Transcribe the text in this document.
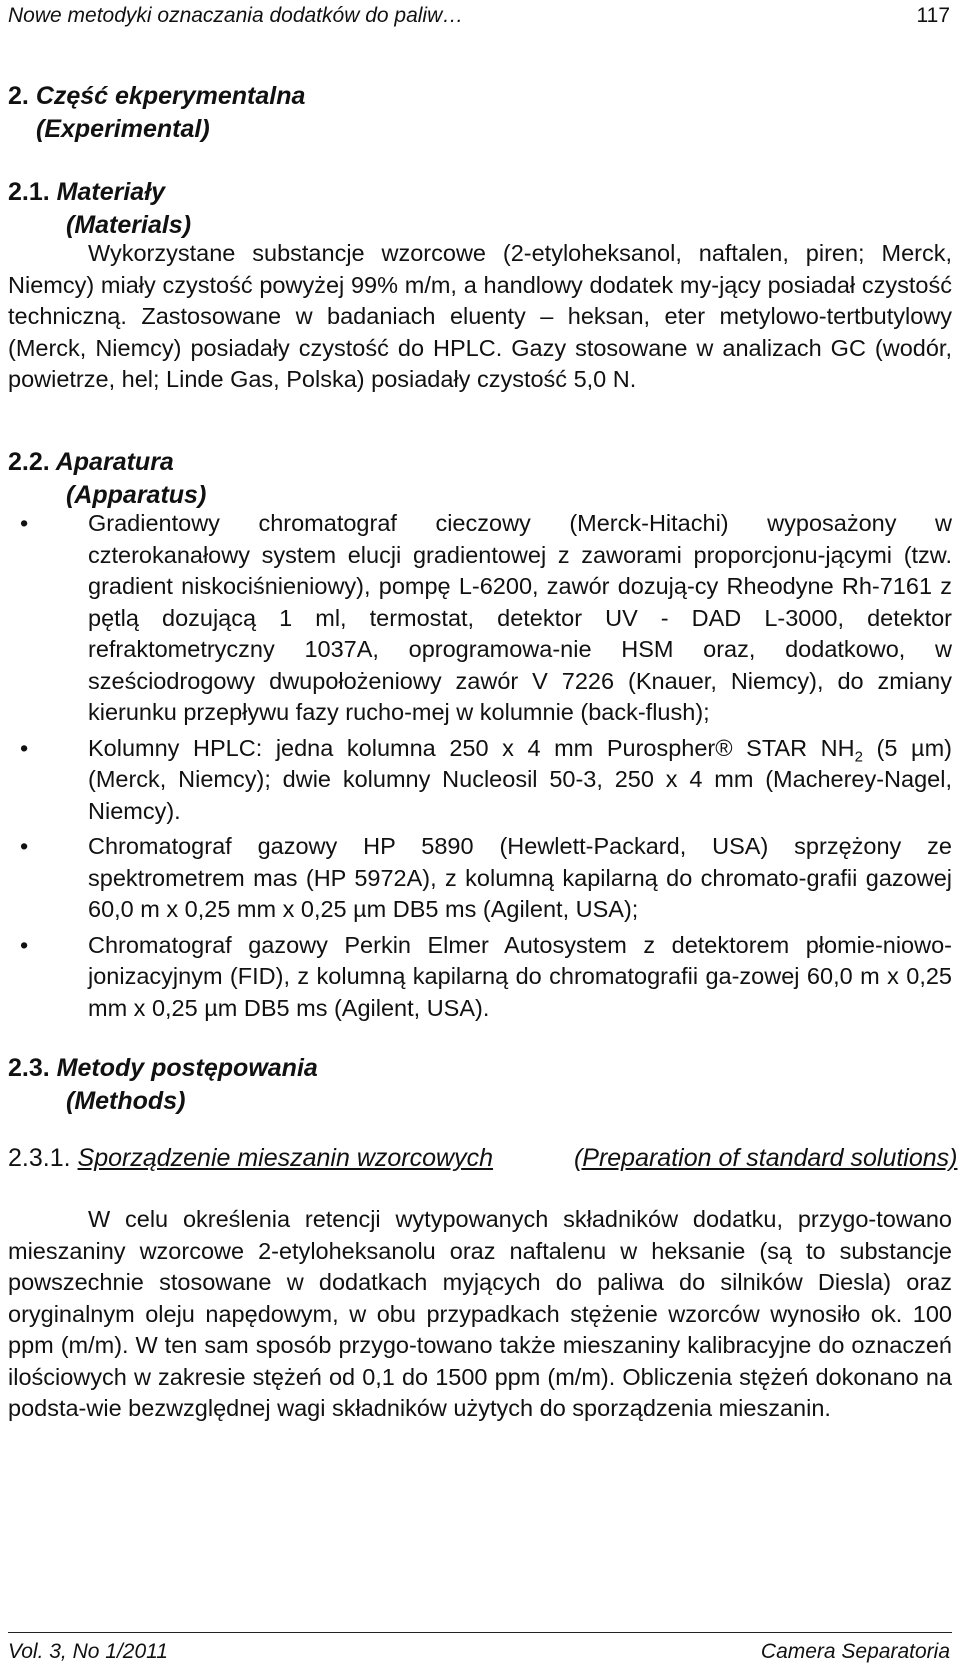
Nowe metodyki oznaczania dodatków do paliw…	117
2. Część ekperymentalna
(Experimental)
2.1. Materiały
(Materials)
Wykorzystane substancje wzorcowe (2-etyloheksanol, naftalen, piren; Merck, Niemcy) miały czystość powyżej 99% m/m, a handlowy dodatek my-jący posiadał czystość techniczną. Zastosowane w badaniach eluenty – heksan, eter metylowo-tertbutylowy (Merck, Niemcy) posiadały czystość do HPLC. Gazy stosowane w analizach GC (wodór, powietrze, hel; Linde Gas, Polska) posiadały czystość 5,0 N.
2.2. Aparatura
(Apparatus)
•	Gradientowy chromatograf cieczowy (Merck-Hitachi) wyposażony w czterokanałowy system elucji gradientowej z zaworami proporcjonu-jącymi (tzw. gradient niskociśnieniowy), pompę L-6200, zawór dozują-cy Rheodyne Rh-7161 z pętlą dozującą 1 ml, termostat, detektor UV - DAD L-3000, detektor refraktometryczny 1037A, oprogramowa-nie HSM oraz, dodatkowo, w sześciodrogowy dwupołożeniowy zawór V 7226 (Knauer, Niemcy), do zmiany kierunku przepływu fazy rucho-mej w kolumnie (back-flush);
•	Kolumny HPLC: jedna kolumna 250 x 4 mm Purospher® STAR $NH_2$ (5 µm) (Merck, Niemcy); dwie kolumny Nucleosil 50-3, 250 x 4 mm (Macherey-Nagel, Niemcy).
•	Chromatograf gazowy HP 5890 (Hewlett-Packard, USA) sprzężony ze spektrometrem mas (HP 5972A), z kolumną kapilarną do chromato-grafii gazowej 60,0 m x 0,25 mm x 0,25 µm DB5 ms (Agilent, USA);
•	Chromatograf gazowy Perkin Elmer Autosystem z detektorem płomie-niowo-jonizacyjnym (FID), z kolumną kapilarną do chromatografii ga-zowej 60,0 m x 0,25 mm x 0,25 µm DB5 ms (Agilent, USA).
2.3. Metody postępowania
(Methods)
2.3.1. Sporządzenie mieszanin wzorcowych	(Preparation of standard solutions)
W celu określenia retencji wytypowanych składników dodatku, przygo-towano mieszaniny wzorcowe 2-etyloheksanolu oraz naftalenu w heksanie (są to substancje powszechnie stosowane w dodatkach myjących do paliwa do silników Diesla) oraz oryginalnym oleju napędowym, w obu przypadkach stężenie wzorców wynosiło ok. 100 ppm (m/m). W ten sam sposób przygo-towano także mieszaniny kalibracyjne do oznaczeń ilościowych w zakresie stężeń od 0,1 do 1500 ppm (m/m). Obliczenia stężeń dokonano na podsta-wie bezwzględnej wagi składników użytych do sporządzenia mieszanin.
Vol. 3, No 1/2011	Camera Separatoria
